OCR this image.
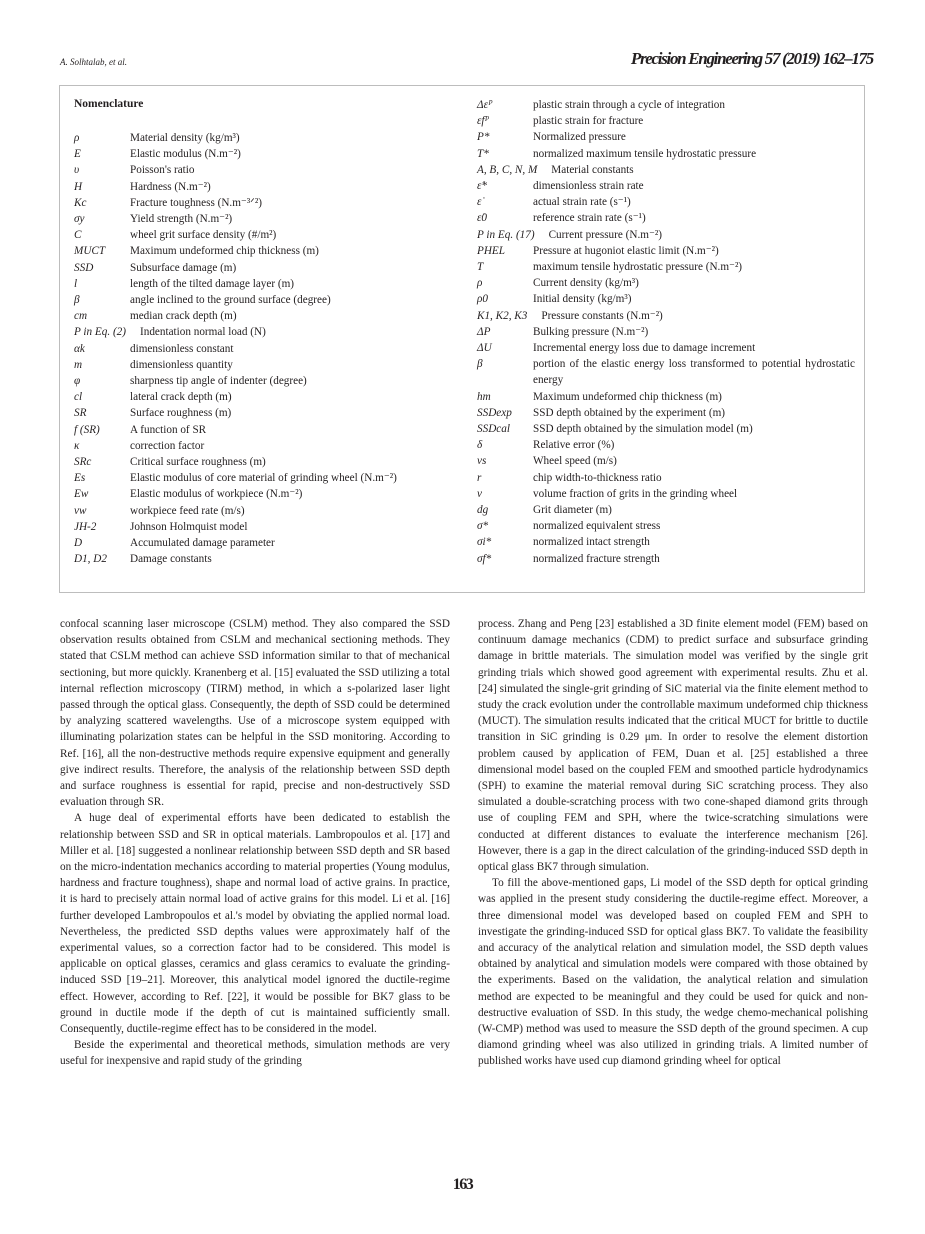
A. Solhtalab, et al.	Precision Engineering 57 (2019) 162–175
Nomenclature
ρ	Material density (kg/m³)
E	Elastic modulus (N.m⁻²)
υ	Poisson's ratio
H	Hardness (N.m⁻²)
Kc	Fracture toughness (N.m⁻³ᐟ²)
σy	Yield strength (N.m⁻²)
C	wheel grit surface density (#/m²)
MUCT	Maximum undeformed chip thickness (m)
SSD	Subsurface damage (m)
l	length of the tilted damage layer (m)
β	angle inclined to the ground surface (degree)
cm	median crack depth (m)
P in Eq. (2) Indentation normal load (N)
αk	dimensionless constant
m	dimensionless quantity
φ	sharpness tip angle of indenter (degree)
cl	lateral crack depth (m)
SR	Surface roughness (m)
f (SR)	A function of SR
κ	correction factor
SRc	Critical surface roughness (m)
Es	Elastic modulus of core material of grinding wheel (N.m⁻²)
Ew	Elastic modulus of workpiece (N.m⁻²)
vw	workpiece feed rate (m/s)
JH-2	Johnson Holmquist model
D	Accumulated damage parameter
D1, D2	Damage constants
Δεᴾ	plastic strain through a cycle of integration
εfᴾ	plastic strain for fracture
P*	Normalized pressure
T*	normalized maximum tensile hydrostatic pressure
A, B, C, N, M Material constants
ε̇*	dimensionless strain rate
ε̇	actual strain rate (s⁻¹)
ε̇0	reference strain rate (s⁻¹)
P in Eq. (17) Current pressure (N.m⁻²)
PHEL	Pressure at hugoniot elastic limit (N.m⁻²)
T	maximum tensile hydrostatic pressure (N.m⁻²)
ρ	Current density (kg/m³)
ρ0	Initial density (kg/m³)
K1, K2, K3 Pressure constants (N.m⁻²)
ΔP	Bulking pressure (N.m⁻²)
ΔU	Incremental energy loss due to damage increment
β	portion of the elastic energy loss transformed to potential hydrostatic energy
hm	Maximum undeformed chip thickness (m)
SSDexp	SSD depth obtained by the experiment (m)
SSDcal	SSD depth obtained by the simulation model (m)
δ	Relative error (%)
vs	Wheel speed (m/s)
r	chip width-to-thickness ratio
v	volume fraction of grits in the grinding wheel
dg	Grit diameter (m)
σ*	normalized equivalent stress
σi*	normalized intact strength
σf*	normalized fracture strength

confocal scanning laser microscope (CSLM) method. They also compared the SSD observation results obtained from CSLM and mechanical sectioning methods. They stated that CSLM method can achieve SSD information similar to that of mechanical sectioning, but more quickly. Kranenberg et al. [15] evaluated the SSD utilizing a total internal reflection microscopy (TIRM) method, in which a s-polarized laser light passed through the optical glass. Consequently, the depth of SSD could be determined by analyzing scattered wavelengths. Use of a microscope system equipped with illuminating polarization states can be helpful in the SSD monitoring. According to Ref. [16], all the non-destructive methods require expensive equipment and generally give indirect results. Therefore, the analysis of the relationship between SSD depth and surface roughness is essential for rapid, precise and non-destructively SSD evaluation through SR.

A huge deal of experimental efforts have been dedicated to establish the relationship between SSD and SR in optical materials. Lambropoulos et al. [17] and Miller et al. [18] suggested a nonlinear relationship between SSD depth and SR based on the micro-indentation mechanics according to material properties (Young modulus, hardness and fracture toughness), shape and normal load of active grains. In practice, it is hard to precisely attain normal load of active grains for this model. Li et al. [16] further developed Lambropoulos et al.'s model by obviating the applied normal load. Nevertheless, the predicted SSD depths values were approximately half of the experimental values, so a correction factor had to be considered. This model is applicable on optical glasses, ceramics and glass ceramics to evaluate the grinding-induced SSD [19–21]. Moreover, this analytical model ignored the ductile-regime effect. However, according to Ref. [22], it would be possible for BK7 glass to be ground in ductile mode if the depth of cut is maintained sufficiently small. Consequently, ductile-regime effect has to be considered in the model.

Beside the experimental and theoretical methods, simulation methods are very useful for inexpensive and rapid study of the grinding

process. Zhang and Peng [23] established a 3D finite element model (FEM) based on continuum damage mechanics (CDM) to predict surface and subsurface grinding damage in brittle materials. The simulation model was verified by the single grit grinding trials which showed good agreement with experimental results. Zhu et al. [24] simulated the single-grit grinding of SiC material via the finite element method to study the crack evolution under the controllable maximum undeformed chip thickness (MUCT). The simulation results indicated that the critical MUCT for brittle to ductile transition in SiC grinding is 0.29 μm. In order to resolve the element distortion problem caused by application of FEM, Duan et al. [25] established a three dimensional model based on the coupled FEM and smoothed particle hydrodynamics (SPH) to examine the material removal during SiC scratching process. They also simulated a double-scratching process with two cone-shaped diamond grits through use of coupling FEM and SPH, where the twice-scratching simulations were conducted at different distances to evaluate the interference mechanism [26]. However, there is a gap in the direct calculation of the grinding-induced SSD depth in optical glass BK7 through simulation.

To fill the above-mentioned gaps, Li model of the SSD depth for optical grinding was applied in the present study considering the ductile-regime effect. Moreover, a three dimensional model was developed based on coupled FEM and SPH to investigate the grinding-induced SSD for optical glass BK7. To validate the feasibility and accuracy of the analytical relation and simulation model, the SSD depth values obtained by analytical and simulation models were compared with those obtained by the experiments. Based on the validation, the analytical relation and simulation method are expected to be meaningful and they could be used for quick and non-destructive evaluation of SSD. In this study, the wedge chemo-mechanical polishing (W-CMP) method was used to measure the SSD depth of the ground specimen. A cup diamond grinding wheel was also utilized in grinding trials. A limited number of published works have used cup diamond grinding wheel for optical

163
